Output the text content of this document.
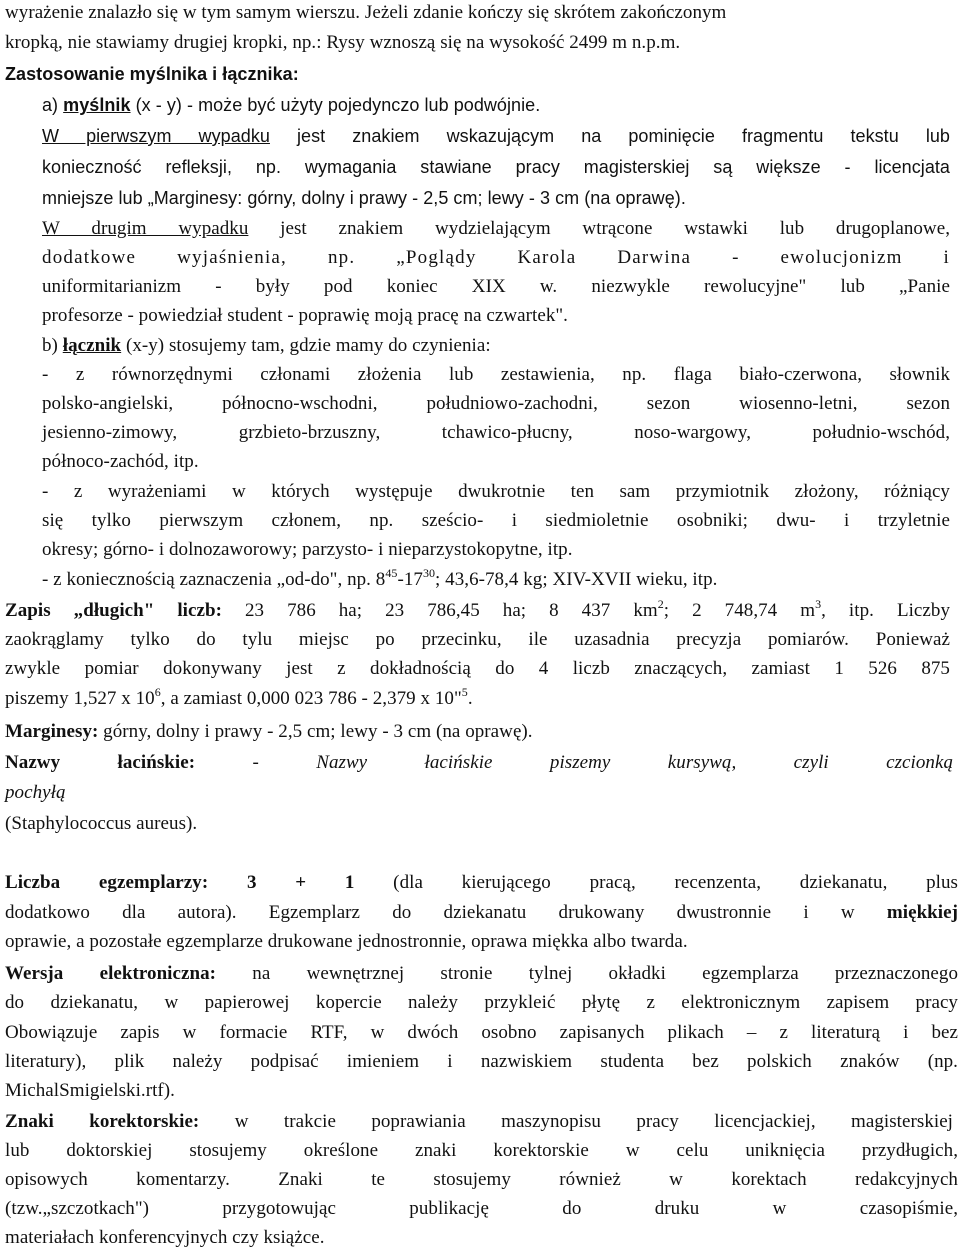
wyrażenie znalazło się w tym samym wierszu. Jeżeli zdanie kończy się skrótem zakończonym
kropką, nie stawiamy drugiej kropki, np.: Rysy wznoszą się na wysokość 2499 m n.p.m.
Zastosowanie myślnika i łącznika:
a) myślnik (x - y) - może być użyty pojedynczo lub podwójnie.
W pierwszym wypadku jest znakiem wskazującym na pominięcie fragmentu tekstu lub
konieczność refleksji, np. wymagania stawiane pracy magisterskiej są większe - licencjata
mniejsze lub „Marginesy: górny, dolny i prawy - 2,5 cm; lewy - 3 cm (na oprawę).
W drugim wypadku jest znakiem wydzielającym wtrącone wstawki lub drugoplanowe,
dodatkowe wyjaśnienia, np. „Poglądy Karola Darwina - ewolucjonizm i
uniformitarianizm - były pod koniec XIX w. niezwykle rewolucyjne" lub „Panie
profesorze - powiedział student - poprawię moją pracę na czwartek".
b) łącznik (x-y) stosujemy tam, gdzie mamy do czynienia:
- z równorzędnymi członami złożenia lub zestawienia, np. flaga biało-czerwona, słownik
polsko-angielski, północno-wschodni, południowo-zachodni, sezon wiosenno-letni, sezon
jesienno-zimowy, grzbieto-brzuszny, tchawico-płucny, noso-wargowy, południo-wschód,
północo-zachód, itp.
- z wyrażeniami w których występuje dwukrotnie ten sam przymiotnik złożony, różniący
się tylko pierwszym członem, np. sześcio- i siedmioletnie osobniki; dwu- i trzyletnie
okresy; górno- i dolnozaworowy; parzysto- i nieparzystokopytne, itp.
- z koniecznością zaznaczenia „od-do", np. $8^{45}-17^{30}$; 43,6-78,4 kg; XIV-XVII wieku, itp.
Zapis „długich" liczb: 23 786 ha; 23 786,45 ha; 8 437 $km^2$; 2 748,74 $m^3$, itp. Liczby
zaokrąglamy tylko do tylu miejsc po przecinku, ile uzasadnia precyzja pomiarów. Ponieważ
zwykle pomiar dokonywany jest z dokładnością do 4 liczb znaczących, zamiast 1 526 875
piszemy 1,527 x $10^6$, a zamiast 0,000 023 786 - 2,379 x 10"$^5$.
Marginesy: górny, dolny i prawy - 2,5 cm; lewy - 3 cm (na oprawę).
Nazwy łacińskie: - Nazwy łacińskie piszemy kursywą, czyli czcionką
pochyłą
(Staphylococcus aureus).
Liczba egzemplarzy: 3 + 1 (dla kierującego pracą, recenzenta, dziekanatu, plus
dodatkowo dla autora). Egzemplarz do dziekanatu drukowany dwustronnie i w miękkiej
oprawie, a pozostałe egzemplarze drukowane jednostronnie, oprawa miękka albo twarda.
Wersja elektroniczna: na wewnętrznej stronie tylnej okładki egzemplarza przeznaczonego
do dziekanatu, w papierowej kopercie należy przykleić płytę z elektronicznym zapisem pracy
Obowiązuje zapis w formacie RTF, w dwóch osobno zapisanych plikach – z literaturą i bez
literatury), plik należy podpisać imieniem i nazwiskiem studenta bez polskich znaków (np.
MichalSmigielski.rtf).
Znaki korektorskie: w trakcie poprawiania maszynopisu pracy licencjackiej, magisterskiej
lub doktorskiej stosujemy określone znaki korektorskie w celu uniknięcia przydługich,
opisowych komentarzy. Znaki te stosujemy również w korektach redakcyjnych
(tzw.„szczotkach") przygotowując publikację do druku w czasopiśmie,
materiałach konferencyjnych czy książce.
